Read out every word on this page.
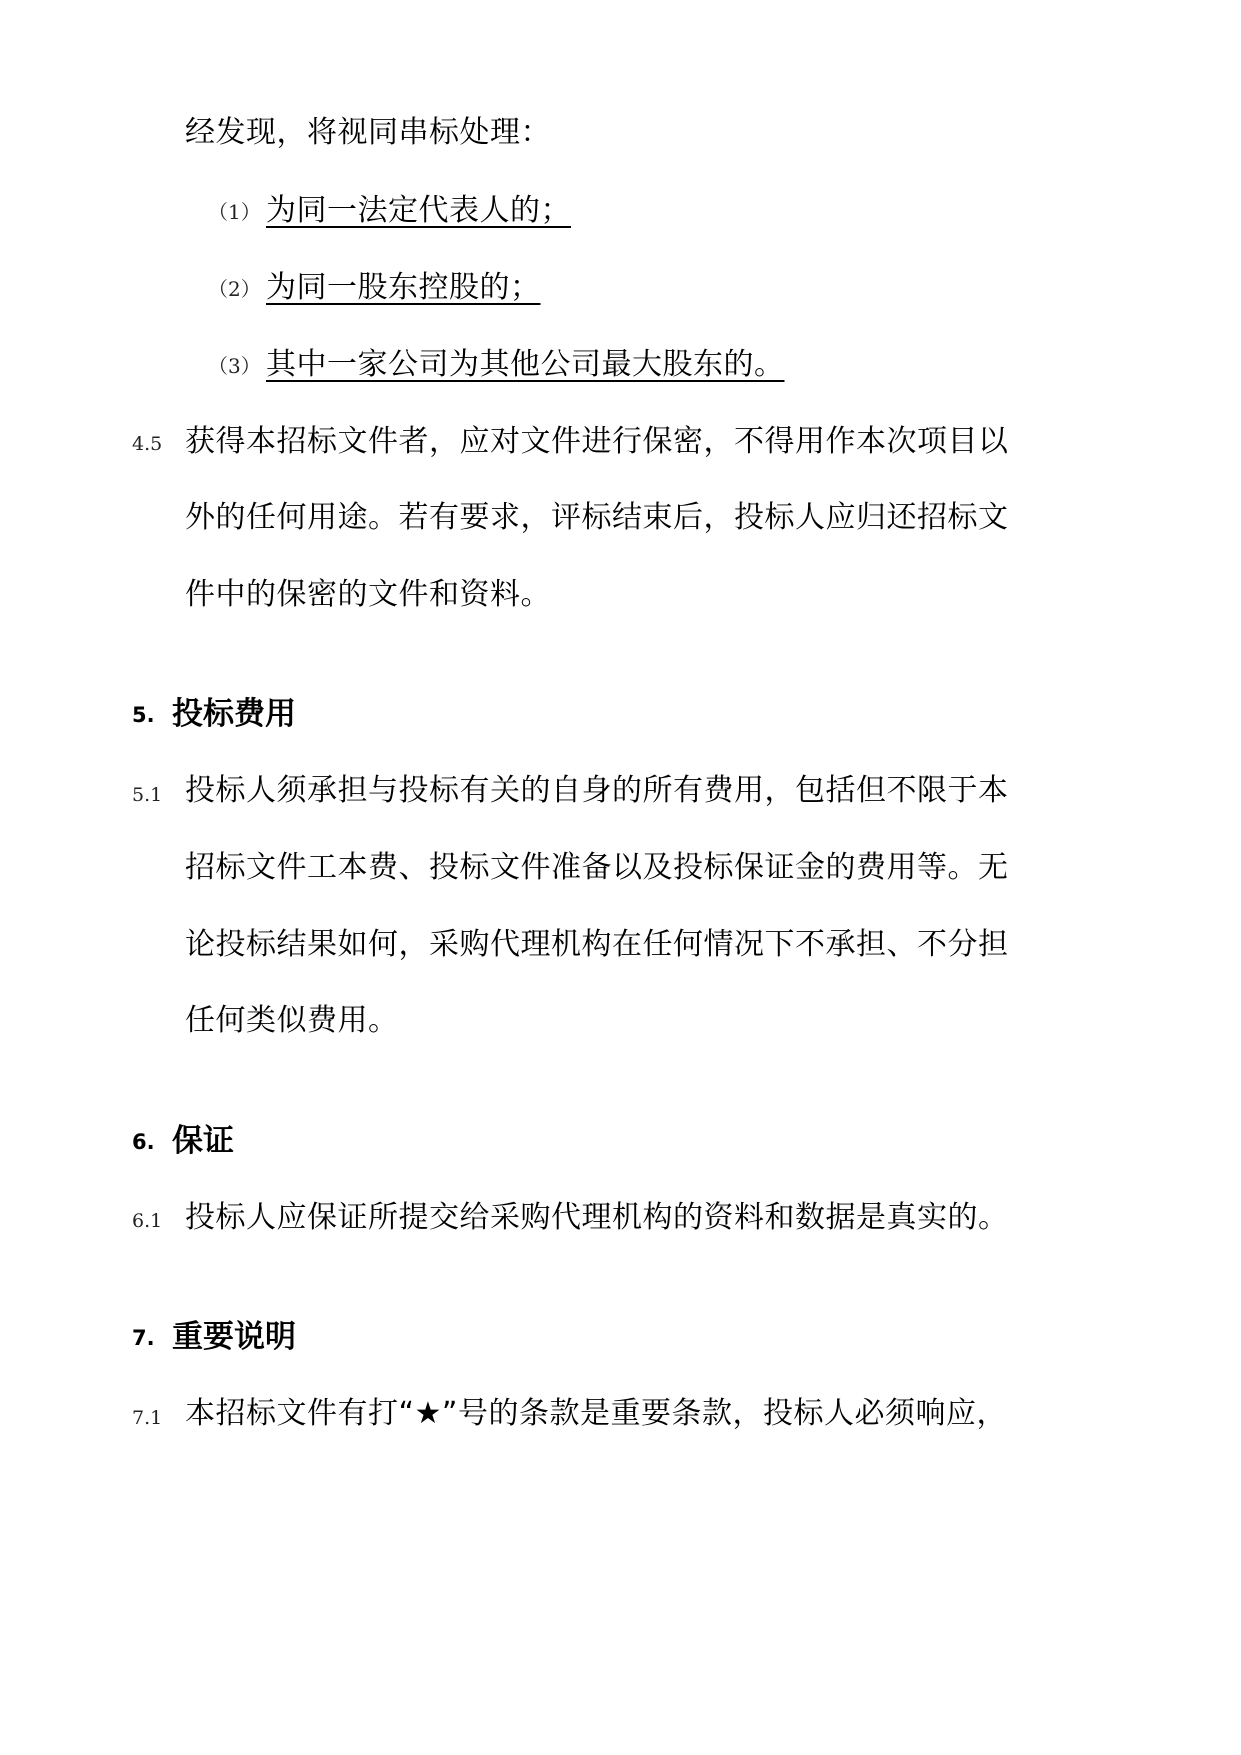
经发现，将视同串标处理：
（1） 为同一法定代表人的；
（2） 为同一股东控股的；
（3） 其中一家公司为其他公司最大股东的。
4.5 获得本招标文件者，应对文件进行保密，不得用作本次项目以
外的任何用途。若有要求，评标结束后，投标人应归还招标文
件中的保密的文件和资料。
5. 投标费用
5.1 投标人须承担与投标有关的自身的所有费用，包括但不限于本
招标文件工本费、投标文件准备以及投标保证金的费用等。无
论投标结果如何，采购代理机构在任何情况下不承担、不分担
任何类似费用。
6. 保证
6.1 投标人应保证所提交给采购代理机构的资料和数据是真实的。
7. 重要说明
7.1 本招标文件有打“★”号的条款是重要条款，投标人必须响应，
